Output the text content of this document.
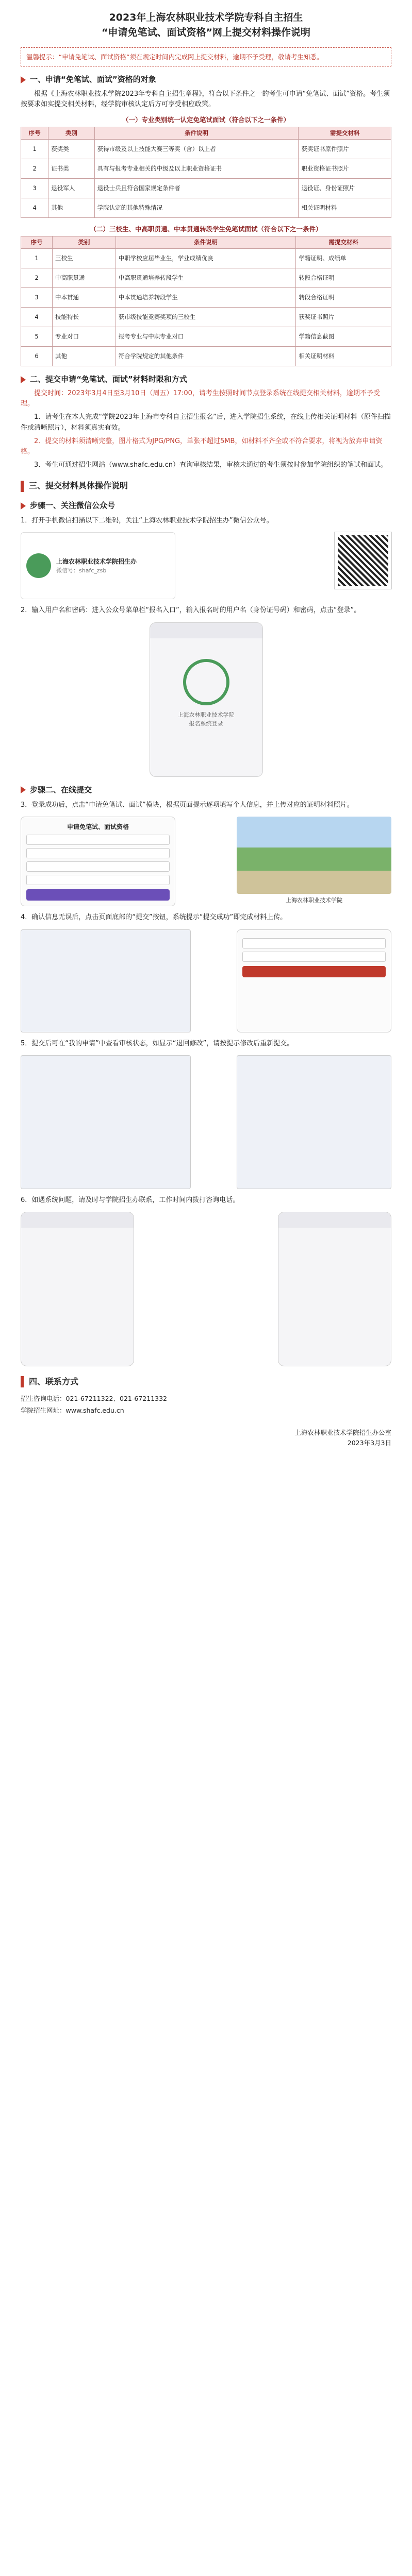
2023年上海农林职业技术学院专科自主招生
“申请免笔试、面试资格”网上提交材料操作说明
温馨提示：“申请免笔试、面试资格”须在规定时间内完成网上提交材料，逾期不予受理，敬请考生知悉。
一、申请“免笔试、面试”资格的对象

根据《上海农林职业技术学院2023年专科自主招生章程》，符合以下条件之一的考生可申请“免笔试、面试”资格。考生须按要求如实提交相关材料，经学院审核认定后方可享受相应政策。

（一）专业类别统一认定免笔试面试（符合以下之一条件）
序号	类别	条件说明	需提交材料
1	获奖类	获得市级及以上技能大赛三等奖（含）以上者	获奖证书原件照片
2	证书类	具有与报考专业相关的中级及以上职业资格证书	职业资格证书照片
3	退役军人	退役士兵且符合国家规定条件者	退役证、身份证照片
4	其他	学院认定的其他特殊情况	相关证明材料
（二）三校生、中高职贯通、中本贯通转段学生免笔试面试（符合以下之一条件）
序号	类别	条件说明	需提交材料
1	三校生	中职学校应届毕业生，学业成绩优良	学籍证明、成绩单
2	中高职贯通	中高职贯通培养转段学生	转段合格证明
3	中本贯通	中本贯通培养转段学生	转段合格证明
4	技能特长	获市级技能竞赛奖项的三校生	获奖证书照片
5	专业对口	报考专业与中职专业对口	学籍信息截图
6	其他	符合学院规定的其他条件	相关证明材料
二、提交申请“免笔试、面试”材料时限和方式

提交时间：2023年3月4日至3月10日（周五）17:00，请考生按照时间节点登录系统在线提交相关材料，逾期不予受理。

1．请考生在本人完成“学院2023年上海市专科自主招生报名”后，进入学院招生系统，在线上传相关证明材料（原件扫描件或清晰照片），材料须真实有效。

2．提交的材料须清晰完整，图片格式为JPG/PNG，单张不超过5MB，如材料不齐全或不符合要求，将视为放弃申请资格。

3．考生可通过招生网站（www.shafc.edu.cn）查询审核结果，审核未通过的考生须按时参加学院组织的笔试和面试。

三、提交材料具体操作说明
步骤一、关注微信公众号

1．打开手机微信扫描以下二维码，关注“上海农林职业技术学院招生办”微信公众号。

上海农林职业技术学院招生办
微信号：shafc_zsb

2．输入用户名和密码：进入公众号菜单栏“报名入口”，输入报名时的用户名（身份证号码）和密码，点击“登录”。

上海农林职业技术学院
报名系统登录
步骤二、在线提交

3．登录成功后，点击“申请免笔试、面试”模块，根据页面提示逐项填写个人信息，并上传对应的证明材料照片。

申请免笔试、面试资格
上海农林职业技术学院

4．确认信息无误后，点击页面底部的“提交”按钮，系统提示“提交成功”即完成材料上传。

5．提交后可在“我的申请”中查看审核状态，如显示“退回修改”，请按提示修改后重新提交。

6．如遇系统问题，请及时与学院招生办联系，工作时间内拨打咨询电话。

四、联系方式
招生咨询电话：021-67211322、021-67211332
学院招生网址：www.shafc.edu.cn
上海农林职业技术学院招生办公室
2023年3月3日
